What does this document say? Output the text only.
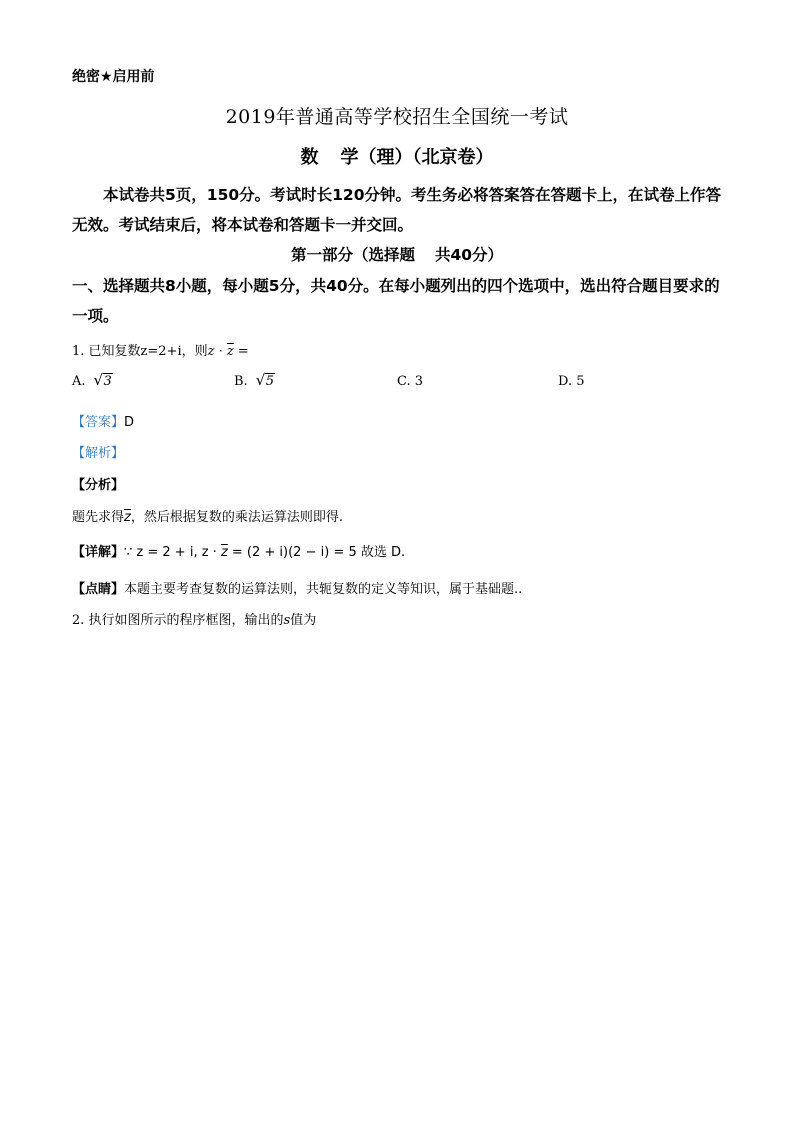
绝密★启用前
2019年普通高等学校招生全国统一考试
数 学（理）（北京卷）
本试卷共5页，150分。考试时长120分钟。考生务必将答案答在答题卡上，在试卷上作答无效。考试结束后，将本试卷和答题卡一并交回。
第一部分（选择题 共40分）
一、选择题共8小题，每小题5分，共40分。在每小题列出的四个选项中，选出符合题目要求的一项。
1. 已知复数z=2+i，则$z \cdot \overline{z}$ =
A. √ 3	B. √ 5	C. 3	D. 5
【答案】D
【解析】
【分析】
题先求得$\overline{z}$，然后根据复数的乘法运算法则即得.
【详解】∵ z = 2 + i, $z \cdot \overline{z} = (2 + i)(2 - i) = 5$ 故选 D.
【点睛】本题主要考查复数的运算法则，共轭复数的定义等知识，属于基础题..
2. 执行如图所示的程序框图，输出的s值为
